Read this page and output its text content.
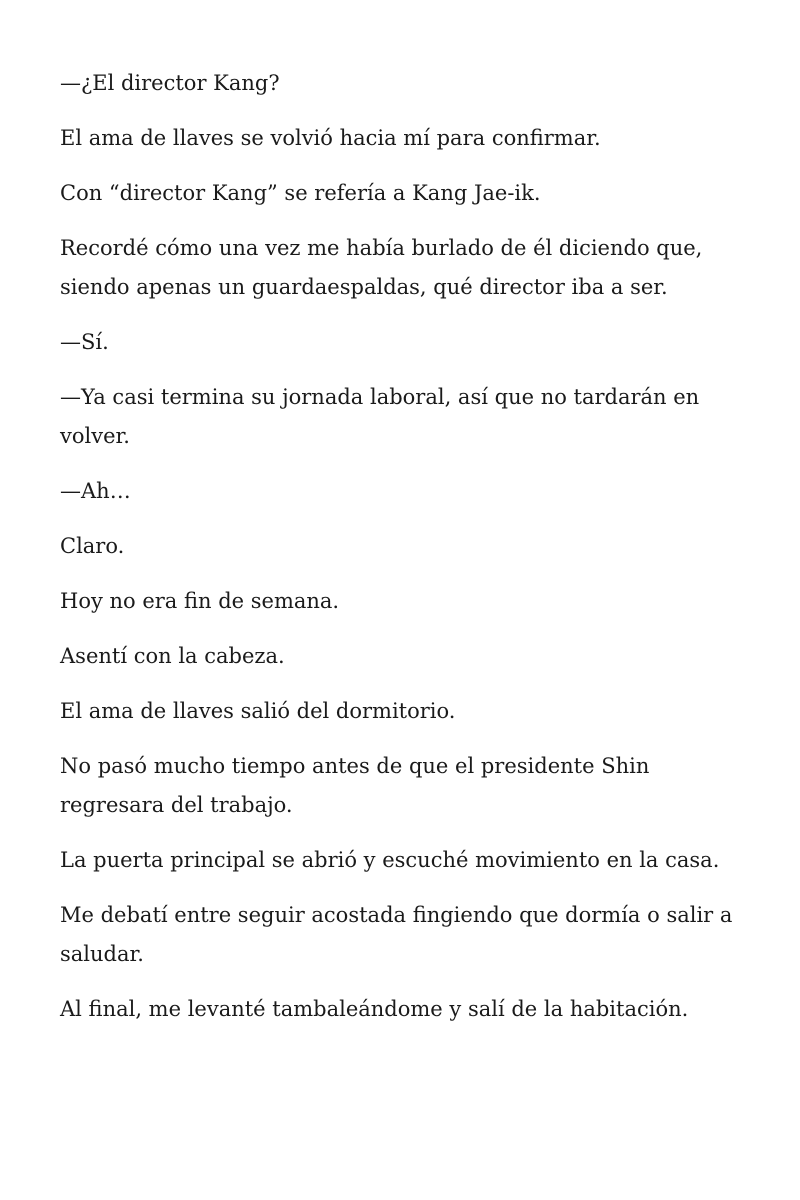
—¿El director Kang?

El ama de llaves se volvió hacia mí para confirmar.

Con “director Kang” se refería a Kang Jae-ik.

Recordé cómo una vez me había burlado de él diciendo que, siendo apenas un guardaespaldas, qué director iba a ser.

—Sí.

—Ya casi termina su jornada laboral, así que no tardarán en volver.

—Ah…

Claro.

Hoy no era fin de semana.

Asentí con la cabeza.

El ama de llaves salió del dormitorio.

No pasó mucho tiempo antes de que el presidente Shin regresara del trabajo.

La puerta principal se abrió y escuché movimiento en la casa.

Me debatí entre seguir acostada fingiendo que dormía o salir a saludar.

Al final, me levanté tambaleándome y salí de la habitación.
